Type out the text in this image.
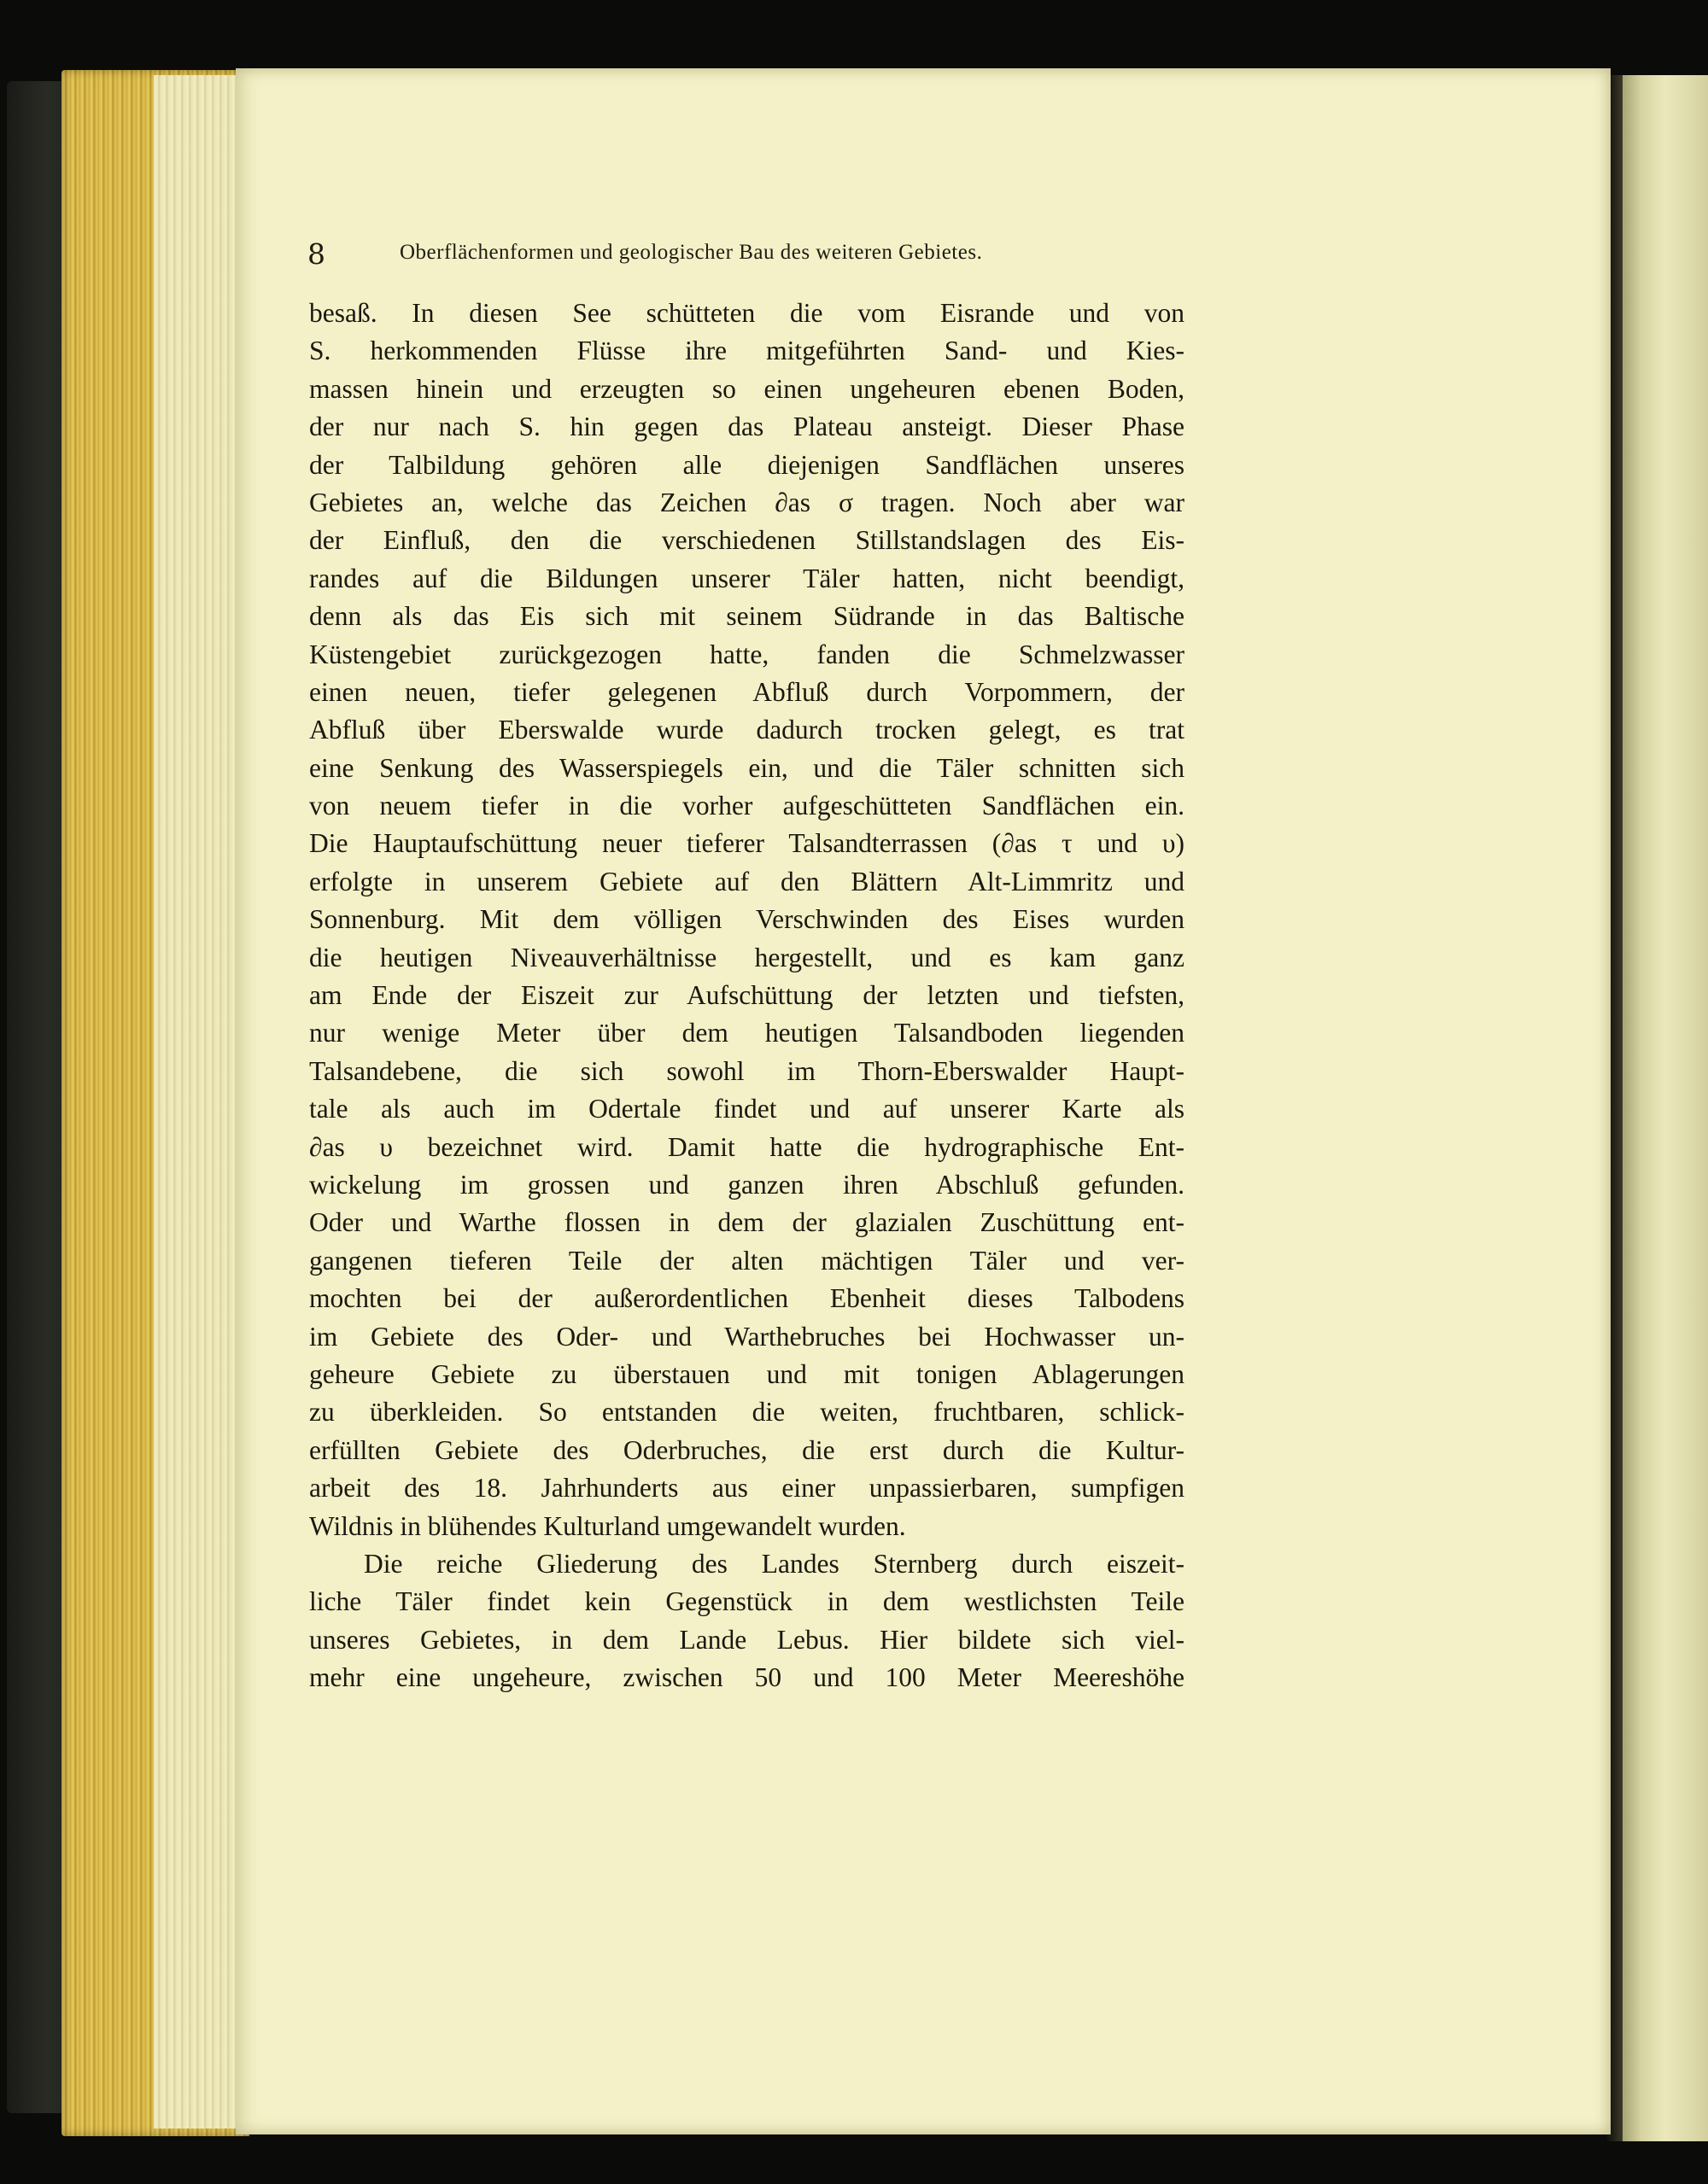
8	Oberflächenformen und geologischer Bau des weiteren Gebietes.
besaß. In diesen See schütteten die vom Eisrande und von
S. herkommenden Flüsse ihre mitgeführten Sand- und Kies-
massen hinein und erzeugten so einen ungeheuren ebenen Boden,
der nur nach S. hin gegen das Plateau ansteigt. Dieser Phase
der Talbildung gehören alle diejenigen Sandflächen unseres
Gebietes an, welche das Zeichen ∂as σ tragen. Noch aber war
der Einfluß, den die verschiedenen Stillstandslagen des Eis-
randes auf die Bildungen unserer Täler hatten, nicht beendigt,
denn als das Eis sich mit seinem Südrande in das Baltische
Küstengebiet zurückgezogen hatte, fanden die Schmelzwasser
einen neuen, tiefer gelegenen Abfluß durch Vorpommern, der
Abfluß über Eberswalde wurde dadurch trocken gelegt, es trat
eine Senkung des Wasserspiegels ein, und die Täler schnitten sich
von neuem tiefer in die vorher aufgeschütteten Sandflächen ein.
Die Hauptaufschüttung neuer tieferer Talsandterrassen (∂as τ und υ)
erfolgte in unserem Gebiete auf den Blättern Alt-Limmritz und
Sonnenburg. Mit dem völligen Verschwinden des Eises wurden
die heutigen Niveauverhältnisse hergestellt, und es kam ganz
am Ende der Eiszeit zur Aufschüttung der letzten und tiefsten,
nur wenige Meter über dem heutigen Talsandboden liegenden
Talsandebene, die sich sowohl im Thorn-Eberswalder Haupt-
tale als auch im Odertale findet und auf unserer Karte als
∂as υ bezeichnet wird. Damit hatte die hydrographische Ent-
wickelung im grossen und ganzen ihren Abschluß gefunden.
Oder und Warthe flossen in dem der glazialen Zuschüttung ent-
gangenen tieferen Teile der alten mächtigen Täler und ver-
mochten bei der außerordentlichen Ebenheit dieses Talbodens
im Gebiete des Oder- und Warthebruches bei Hochwasser un-
geheure Gebiete zu überstauen und mit tonigen Ablagerungen
zu überkleiden. So entstanden die weiten, fruchtbaren, schlick-
erfüllten Gebiete des Oderbruches, die erst durch die Kultur-
arbeit des 18. Jahrhunderts aus einer unpassierbaren, sumpfigen
Wildnis in blühendes Kulturland umgewandelt wurden.
Die reiche Gliederung des Landes Sternberg durch eiszeit-
liche Täler findet kein Gegenstück in dem westlichsten Teile
unseres Gebietes, in dem Lande Lebus. Hier bildete sich viel-
mehr eine ungeheure, zwischen 50 und 100 Meter Meereshöhe
